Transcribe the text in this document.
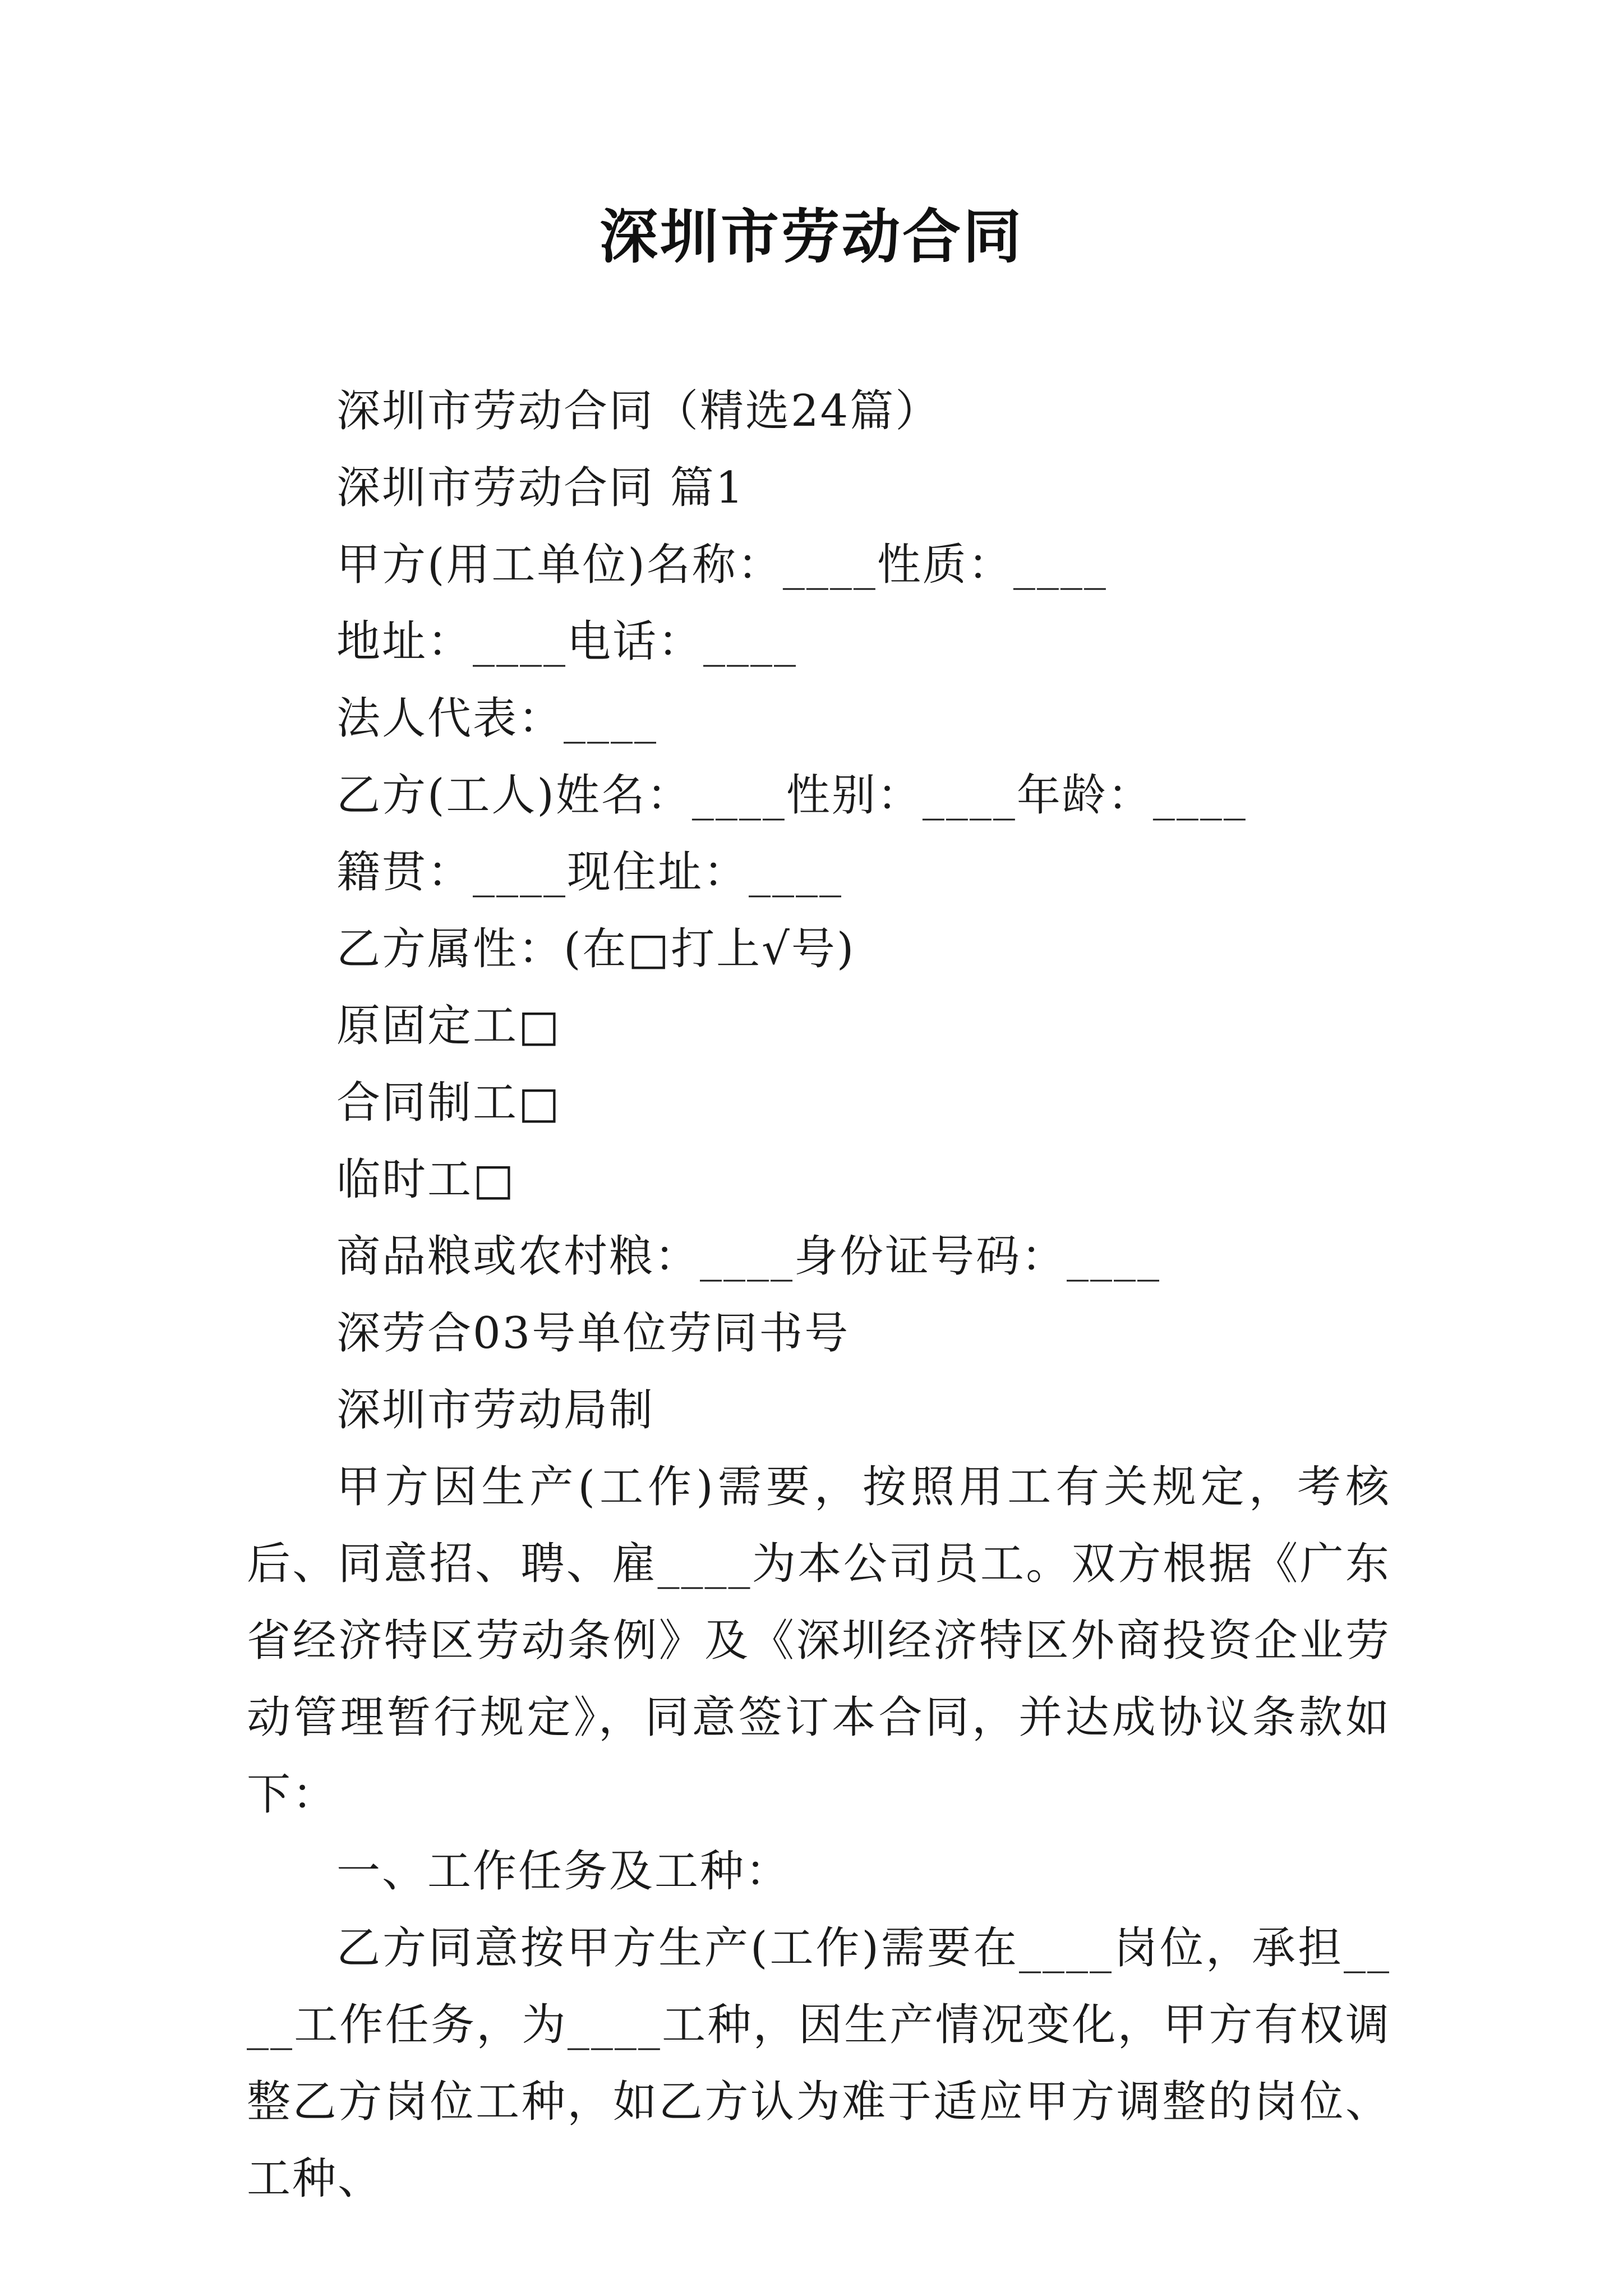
深圳市劳动合同
深圳市劳动合同（精选24篇）
深圳市劳动合同 篇1
甲方(用工单位)名称：____性质：____
地址：____电话：____
法人代表：____
乙方(工人)姓名：____性别：____年龄：____
籍贯：____现住址：____
乙方属性：(在□打上√号)
原固定工□
合同制工□
临时工□
商品粮或农村粮：____身份证号码：____
深劳合03号单位劳同书号
深圳市劳动局制
甲方因生产(工作)需要，按照用工有关规定，考核后、同意招、聘、雇____为本公司员工。双方根据《广东省经济特区劳动条例》及《深圳经济特区外商投资企业劳动管理暂行规定》，同意签订本合同，并达成协议条款如下：
一、工作任务及工种：
乙方同意按甲方生产(工作)需要在____岗位，承担____工作任务，为____工种，因生产情况变化，甲方有权调整乙方岗位工种，如乙方认为难于适应甲方调整的岗位、工种、
